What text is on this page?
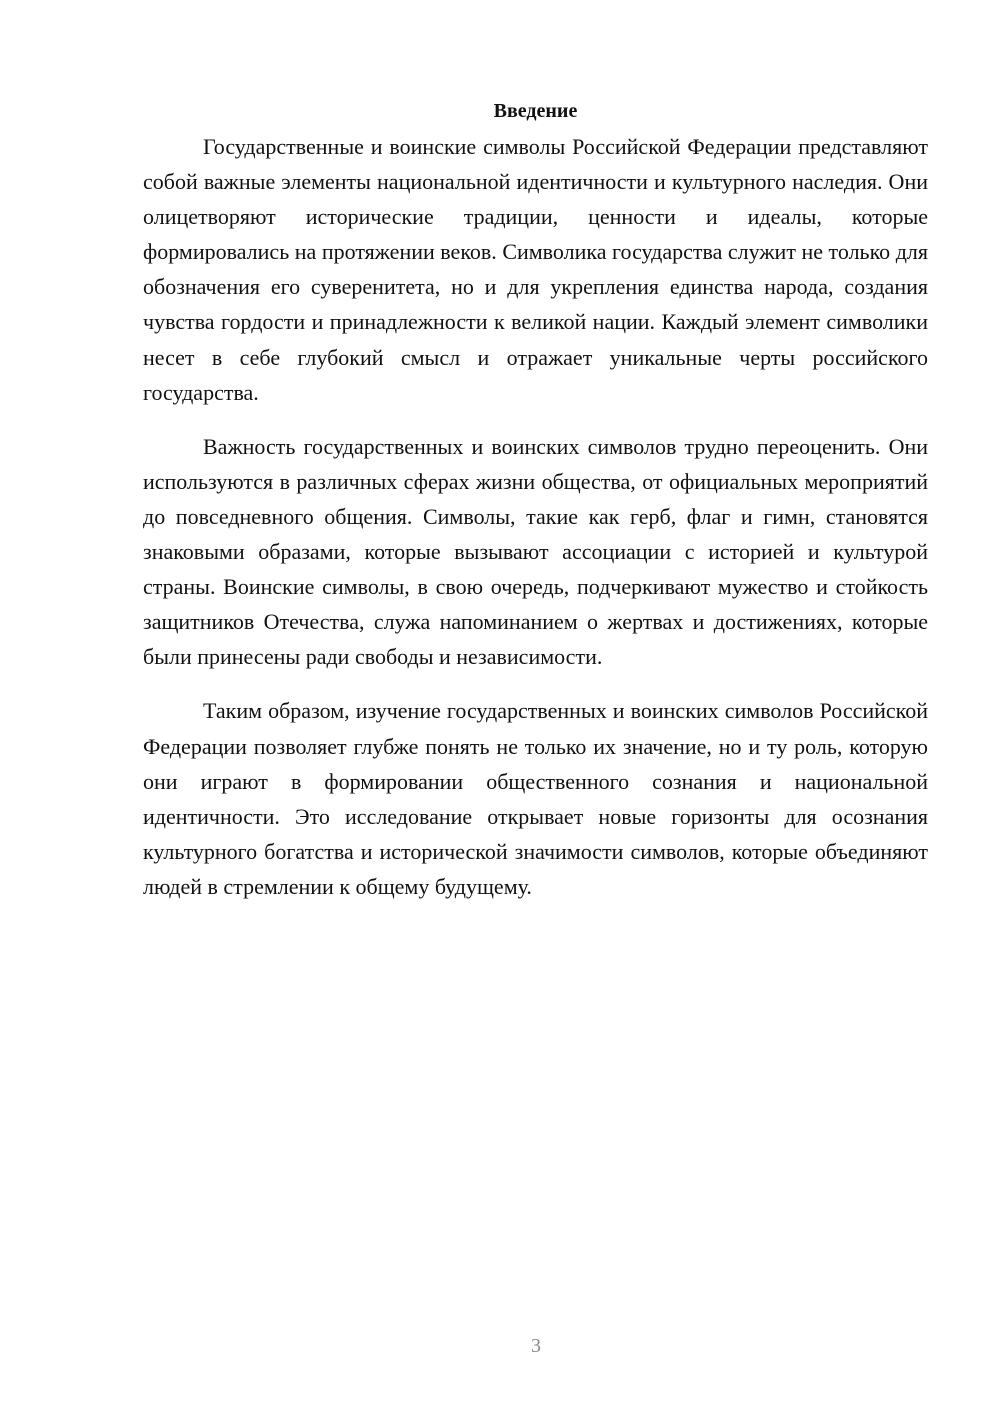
Введение

Государственные и воинские символы Российской Федерации представляют собой важные элементы национальной идентичности и культурного наследия. Они олицетворяют исторические традиции, ценности и идеалы, которые формировались на протяжении веков. Символика государства служит не только для обозначения его суверенитета, но и для укрепления единства народа, создания чувства гордости и принадлежности к великой нации. Каждый элемент символики несет в себе глубокий смысл и отражает уникальные черты российского государства.

Важность государственных и воинских символов трудно переоценить. Они используются в различных сферах жизни общества, от официальных мероприятий до повседневного общения. Символы, такие как герб, флаг и гимн, становятся знаковыми образами, которые вызывают ассоциации с историей и культурой страны. Воинские символы, в свою очередь, подчеркивают мужество и стойкость защитников Отечества, служа напоминанием о жертвах и достижениях, которые были принесены ради свободы и независимости.

Таким образом, изучение государственных и воинских символов Российской Федерации позволяет глубже понять не только их значение, но и ту роль, которую они играют в формировании общественного сознания и национальной идентичности. Это исследование открывает новые горизонты для осознания культурного богатства и исторической значимости символов, которые объединяют людей в стремлении к общему будущему.

3
